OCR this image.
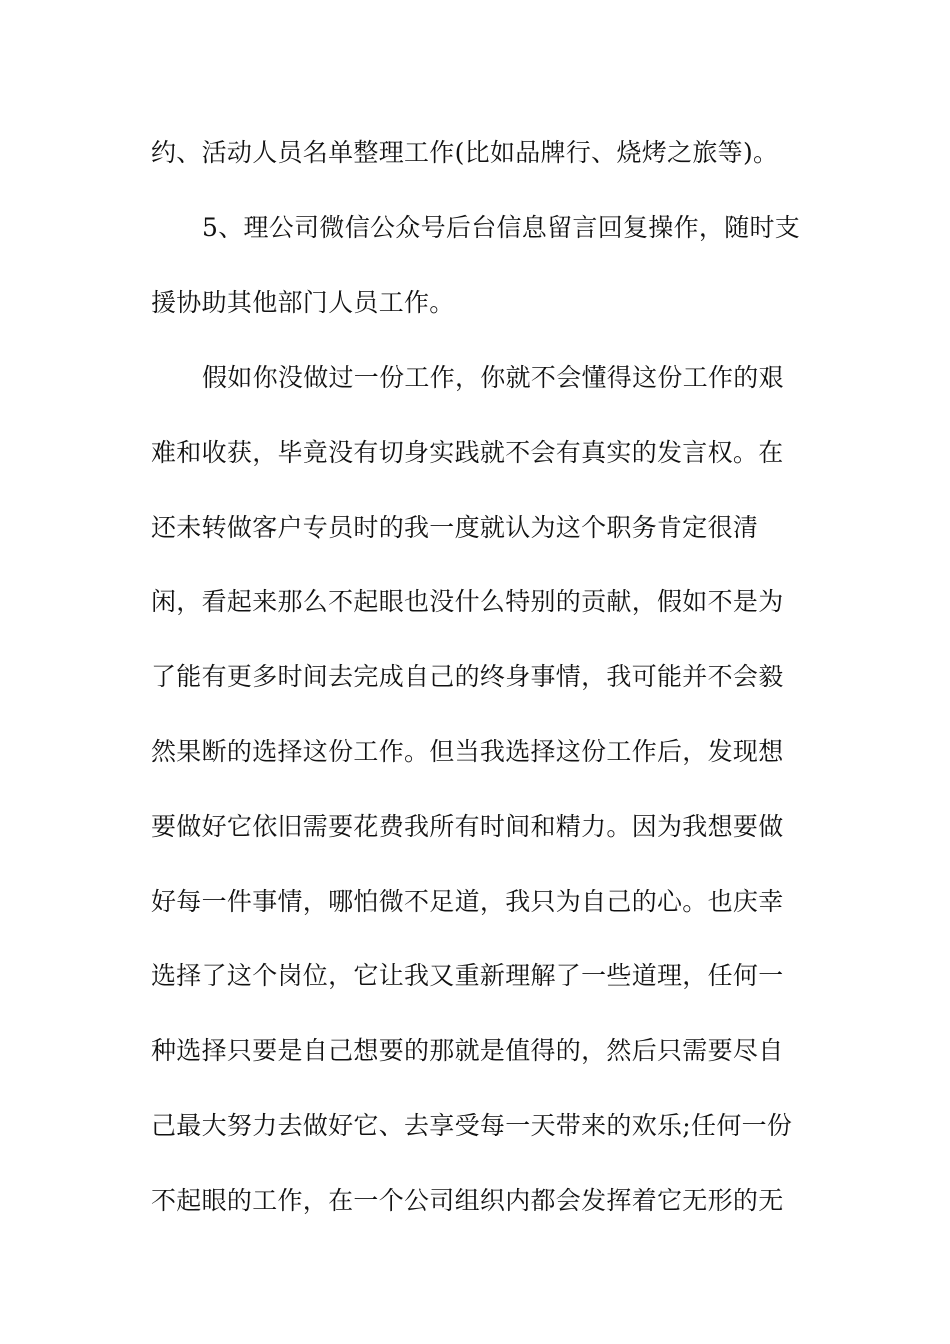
约、活动人员名单整理工作(比如品牌行、烧烤之旅等)。
5、理公司微信公众号后台信息留言回复操作，随时支
援协助其他部门人员工作。
假如你没做过一份工作，你就不会懂得这份工作的艰
难和收获，毕竟没有切身实践就不会有真实的发言权。在
还未转做客户专员时的我一度就认为这个职务肯定很清
闲，看起来那么不起眼也没什么特别的贡献，假如不是为
了能有更多时间去完成自己的终身事情，我可能并不会毅
然果断的选择这份工作。但当我选择这份工作后，发现想
要做好它依旧需要花费我所有时间和精力。因为我想要做
好每一件事情，哪怕微不足道，我只为自己的心。也庆幸
选择了这个岗位，它让我又重新理解了一些道理，任何一
种选择只要是自己想要的那就是值得的，然后只需要尽自
己最大努力去做好它、去享受每一天带来的欢乐;任何一份
不起眼的工作，在一个公司组织内都会发挥着它无形的无
